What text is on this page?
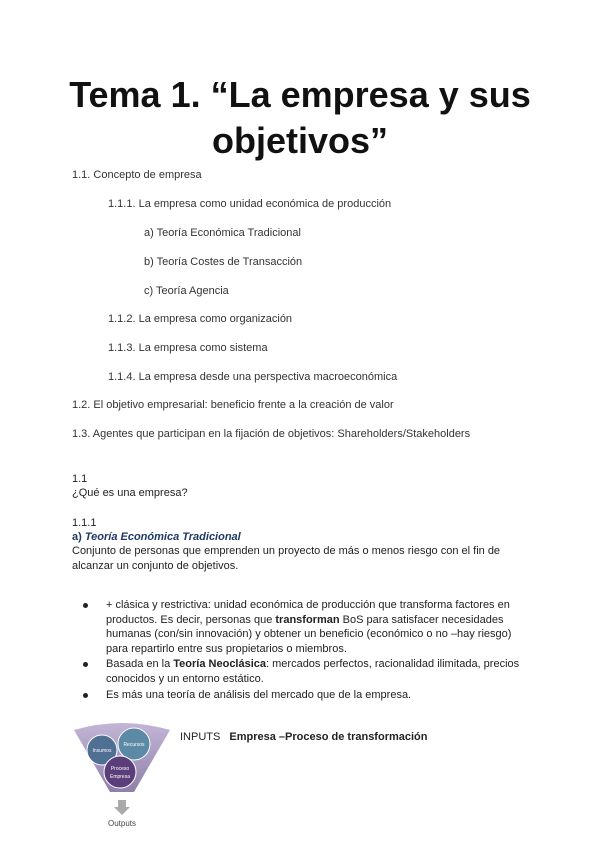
Tema 1. “La empresa y sus objetivos”
1.1. Concepto de empresa
1.1.1. La empresa como unidad económica de producción
a) Teoría Económica Tradicional
b) Teoría Costes de Transacción
c) Teoría Agencia
1.1.2. La empresa como organización
1.1.3. La empresa como sistema
1.1.4. La empresa desde una perspectiva macroeconómica
1.2. El objetivo empresarial: beneficio frente a la creación de valor
1.3. Agentes que participan en la fijación de objetivos: Shareholders/Stakeholders
1.1
¿Qué es una empresa?
1.1.1
a) Teoría Económica Tradicional
Conjunto de personas que emprenden un proyecto de más o menos riesgo con el fin de alcanzar un conjunto de objetivos.
+ clásica y restrictiva: unidad económica de producción que transforma factores en productos. Es decir, personas que transforman BoS para satisfacer necesidades humanas (con/sin innovación) y obtener un beneficio (económico o no –hay riesgo) para repartirlo entre sus propietarios o miembros.
Basada en la Teoría Neoclásica: mercados perfectos, racionalidad ilimitada, precios conocidos y un entorno estático.
Es más una teoría de análisis del mercado que de la empresa.
Insumos
Recursos
Proceso
Empresa
Outputs
INPUTS Empresa –Proceso de transformación
